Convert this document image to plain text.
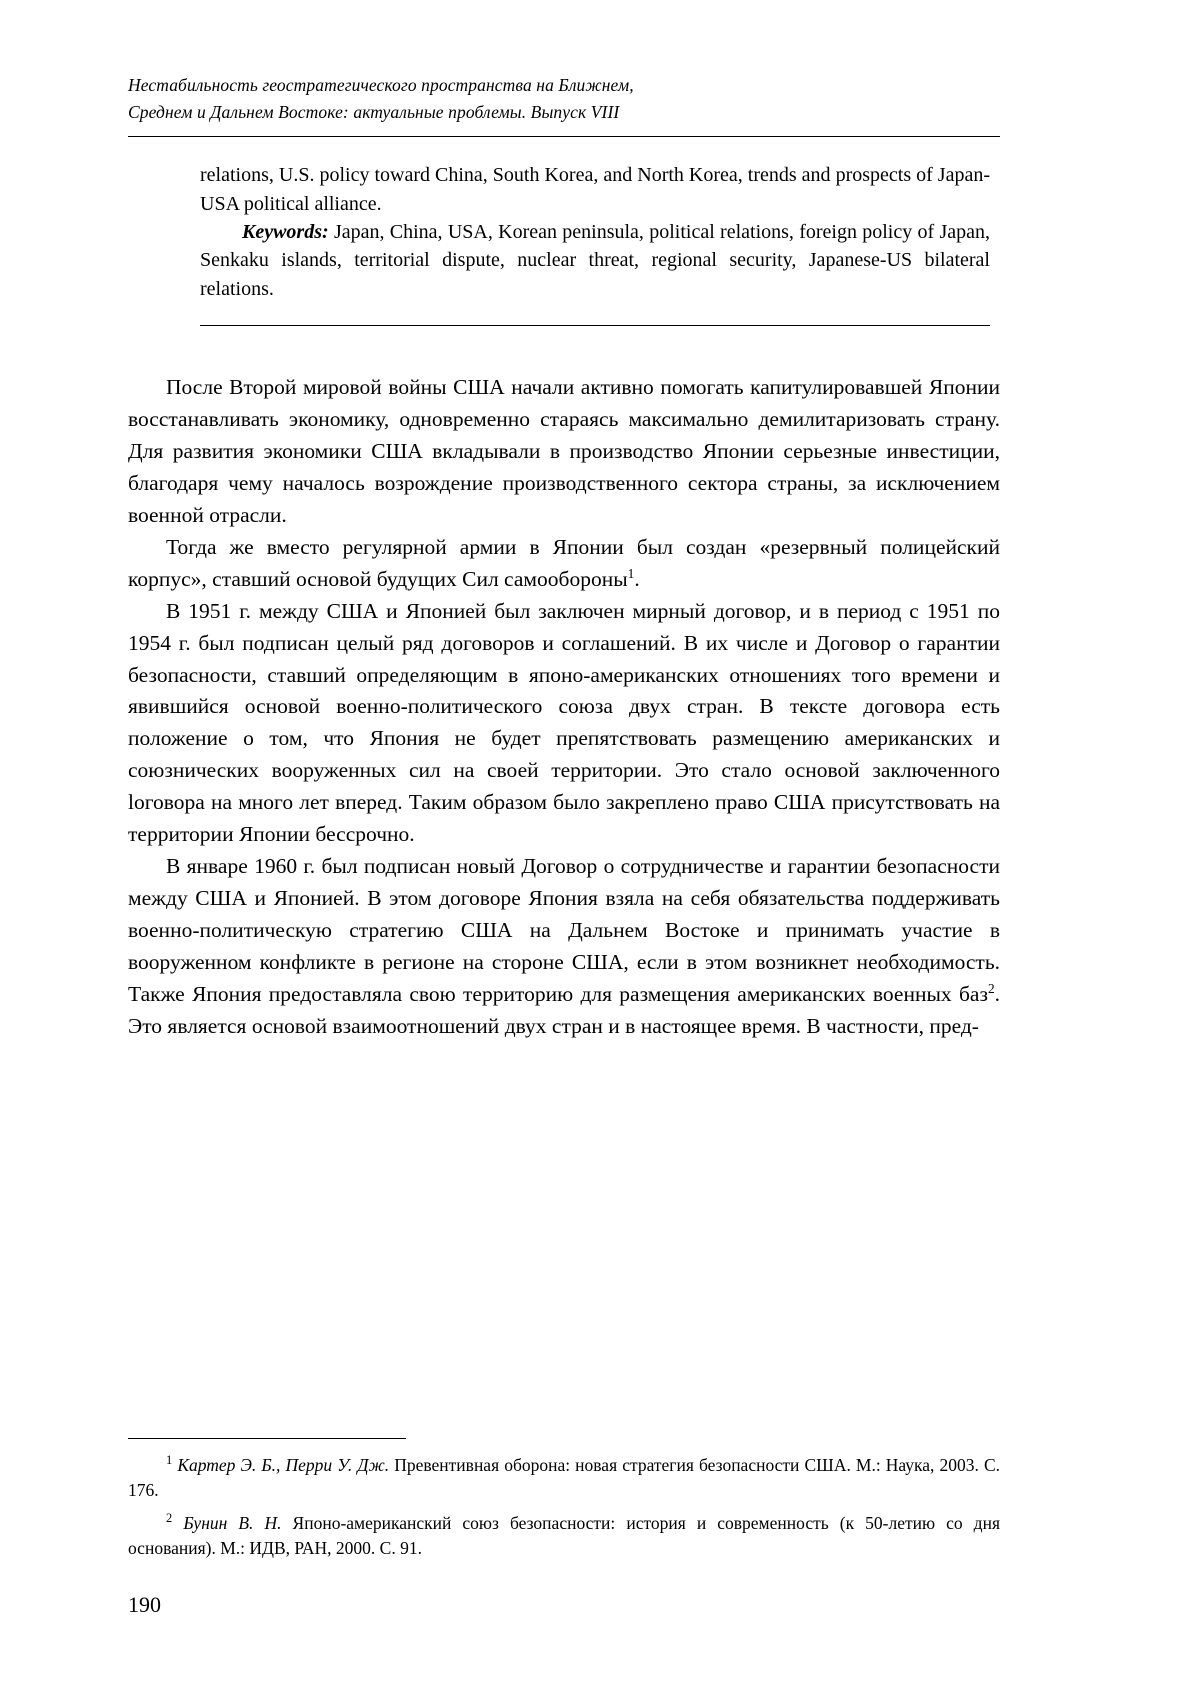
Нестабильность геостратегического пространства на Ближнем,
Среднем и Дальнем Востоке: актуальные проблемы. Выпуск VIII

relations, U.S. policy toward China, South Korea, and North Korea, trends and prospects of Japan-USA political alliance.

Keywords: Japan, China, USA, Korean peninsula, political relations, foreign policy of Japan, Senkaku islands, territorial dispute, nuclear threat, regional security, Japanese-US bilateral relations.

После Второй мировой войны США начали активно помогать капитулировавшей Японии восстанавливать экономику, одновременно стараясь максимально демилитаризовать страну. Для развития экономики США вкладывали в производство Японии серьезные инвестиции, благодаря чему началось возрождение производственного сектора страны, за исключением военной отрасли.

Тогда же вместо регулярной армии в Японии был создан «резервный полицейский корпус», ставший основой будущих Сил самообороны$^1$.

В 1951 г. между США и Японией был заключен мирный договор, и в период с 1951 по 1954 г. был подписан целый ряд договоров и соглашений. В их числе и Договор о гарантии безопасности, ставший определяющим в японо-американских отношениях того времени и явившийся основой военно-политического союза двух стран. В тексте договора есть положение о том, что Япония не будет препятствовать размещению американских и союзнических вооруженных сил на своей территории. Это стало основой заключенного lоговора на много лет вперед. Таким образом было закреплено право США присутствовать на территории Японии бессрочно.

В январе 1960 г. был подписан новый Договор о сотрудничестве и гарантии безопасности между США и Японией. В этом договоре Япония взяла на себя обязательства поддерживать военно-политическую стратегию США на Дальнем Востоке и принимать участие в вооруженном конфликте в регионе на стороне США, если в этом возникнет необходимость. Также Япония предоставляла свою территорию для размещения американских военных баз$^2$. Это является основой взаимоотношений двух стран и в настоящее время. В частности, пред-

$^1$ Картер Э. Б., Перри У. Дж. Превентивная оборона: новая стратегия безопасности США. М.: Наука, 2003. С. 176.

$^2$ Бунин В. Н. Японо-американский союз безопасности: история и современность (к 50-летию со дня основания). М.: ИДВ, РАН, 2000. С. 91.

190
